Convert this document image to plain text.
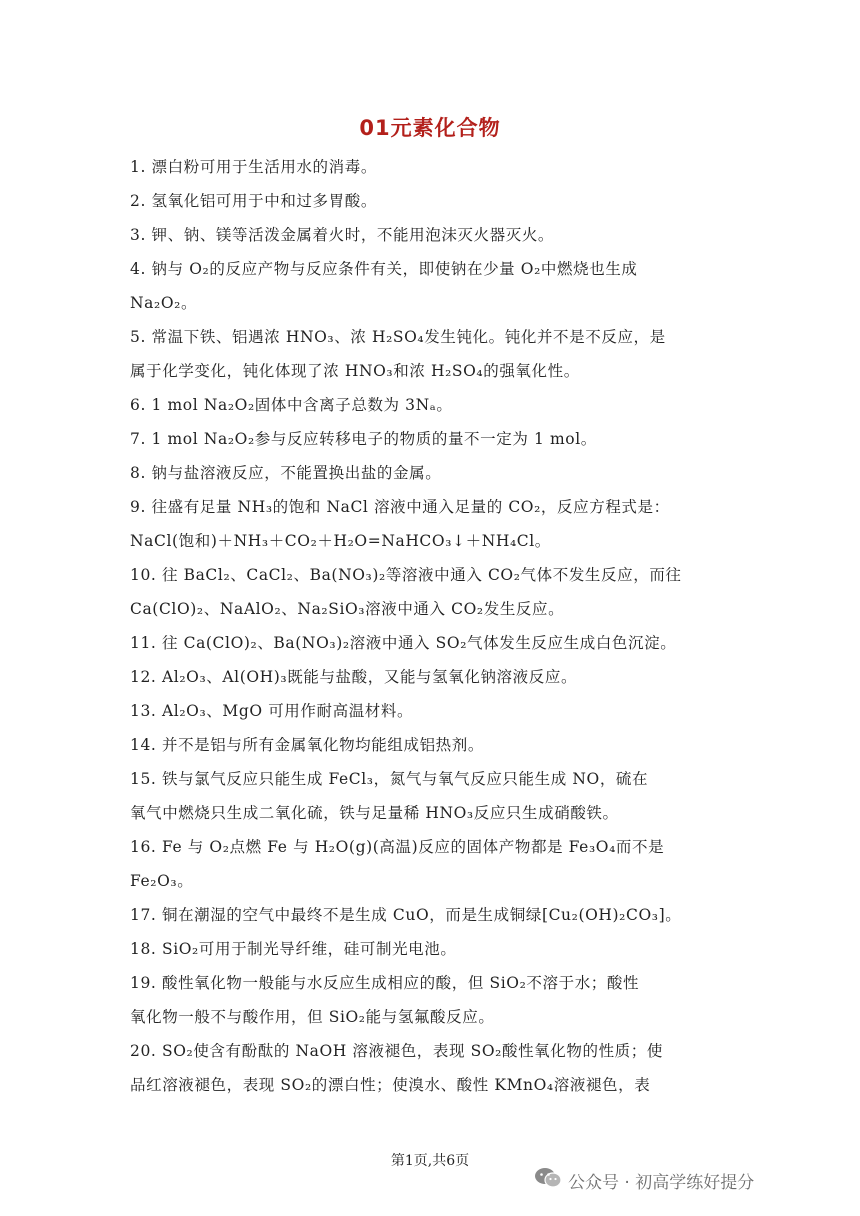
01元素化合物
1. 漂白粉可用于生活用水的消毒。
2. 氢氧化铝可用于中和过多胃酸。
3. 钾、钠、镁等活泼金属着火时，不能用泡沫灭火器灭火。
4. 钠与 O₂的反应产物与反应条件有关，即使钠在少量 O₂中燃烧也生成
Na₂O₂。
5. 常温下铁、铝遇浓 HNO₃、浓 H₂SO₄发生钝化。钝化并不是不反应，是
属于化学变化，钝化体现了浓 HNO₃和浓 H₂SO₄的强氧化性。
6. 1 mol Na₂O₂固体中含离子总数为 3Nₐ。
7. 1 mol Na₂O₂参与反应转移电子的物质的量不一定为 1 mol。
8. 钠与盐溶液反应，不能置换出盐的金属。
9. 往盛有足量 NH₃的饱和 NaCl 溶液中通入足量的 CO₂，反应方程式是：
NaCl(饱和)＋NH₃＋CO₂＋H₂O=NaHCO₃↓＋NH₄Cl。
10. 往 BaCl₂、CaCl₂、Ba(NO₃)₂等溶液中通入 CO₂气体不发生反应，而往
Ca(ClO)₂、NaAlO₂、Na₂SiO₃溶液中通入 CO₂发生反应。
11. 往 Ca(ClO)₂、Ba(NO₃)₂溶液中通入 SO₂气体发生反应生成白色沉淀。
12. Al₂O₃、Al(OH)₃既能与盐酸，又能与氢氧化钠溶液反应。
13. Al₂O₃、MgO 可用作耐高温材料。
14. 并不是铝与所有金属氧化物均能组成铝热剂。
15. 铁与氯气反应只能生成 FeCl₃，氮气与氧气反应只能生成 NO，硫在
氧气中燃烧只生成二氧化硫，铁与足量稀 HNO₃反应只生成硝酸铁。
16. Fe 与 O₂点燃 Fe 与 H₂O(g)(高温)反应的固体产物都是 Fe₃O₄而不是
Fe₂O₃。
17. 铜在潮湿的空气中最终不是生成 CuO，而是生成铜绿[Cu₂(OH)₂CO₃]。
18. SiO₂可用于制光导纤维，硅可制光电池。
19. 酸性氧化物一般能与水反应生成相应的酸，但 SiO₂不溶于水；酸性
氧化物一般不与酸作用，但 SiO₂能与氢氟酸反应。
20. SO₂使含有酚酞的 NaOH 溶液褪色，表现 SO₂酸性氧化物的性质；使
品红溶液褪色，表现 SO₂的漂白性；使溴水、酸性 KMnO₄溶液褪色，表
第1页,共6页
公众号 · 初高学练好提分
